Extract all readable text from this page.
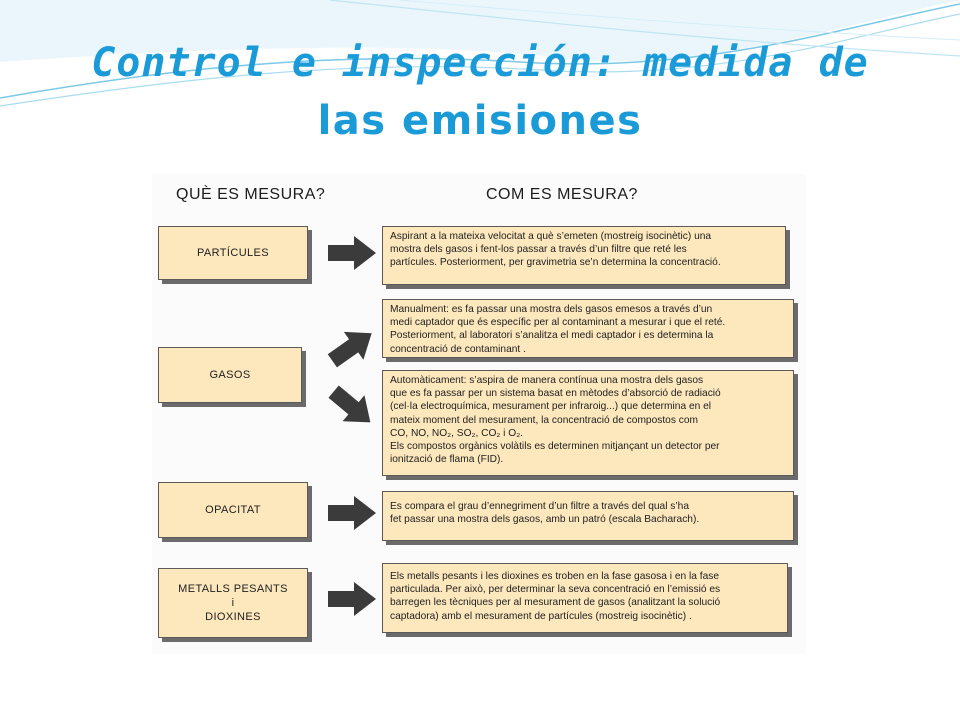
Control e inspección: medida de
las emisiones
QUÈ ES MESURA?	COM ES MESURA?
PARTÍCULES
Aspirant a la mateixa velocitat a què s’emeten (mostreig isocinètic) una
mostra dels gasos i fent-los passar a través d’un filtre que reté les
partícules. Posteriorment, per gravimetria se’n determina la concentració.
GASOS
Manualment: es fa passar una mostra dels gasos emesos a través d’un
medi captador que és específic per al contaminant a mesurar i que el reté.
Posteriorment, al laboratori s’analitza el medi captador i es determina la
concentració de contaminant .
Automàticament: s’aspira de manera contínua una mostra dels gasos
que es fa passar per un sistema basat en mètodes d’absorció de radiació
(cel·la electroquímica, mesurament per infraroig...) que determina en el
mateix moment del mesurament, la concentració de compostos com
CO, NO, NO₂, SO₂, CO₂ i O₂.
Els compostos orgànics volàtils es determinen mitjançant un detector per
ionització de flama (FID).
OPACITAT	Es compara el grau d’ennegriment d’un filtre a través del qual s’ha
fet passar una mostra dels gasos, amb un patró (escala Bacharach).
METALLS PESANTS
i
DIOXINES
Els metalls pesants i les dioxines es troben en la fase gasosa i en la fase
particulada. Per això, per determinar la seva concentració en l’emissió es
barregen les tècniques per al mesurament de gasos (analitzant la solució
captadora) amb el mesurament de partícules (mostreig isocinètic) .
